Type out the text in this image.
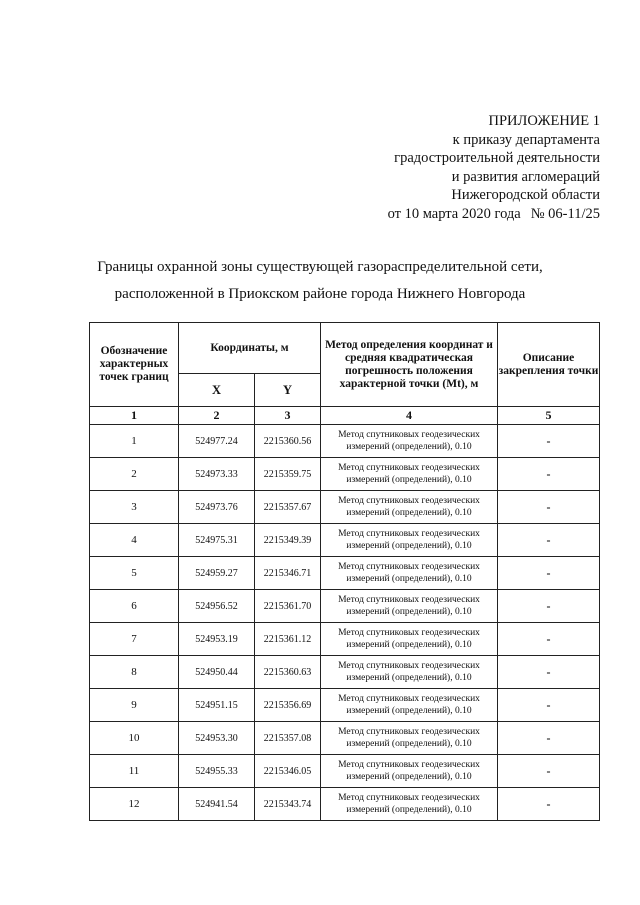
ПРИЛОЖЕНИЕ 1
к приказу департамента
градостроительной деятельности
и развития агломераций
Нижегородской области
от 10 марта 2020 года № 06-11/25
Границы охранной зоны существующей газораспределительной сети,
расположенной в Приокском районе города Нижнего Новгорода
Обозначение характерных точек границ	Координаты, м		Метод определения координат и средняя квадратическая погрешность положения характерной точки (Mt), м	Описание закрепления точки
	X	Y		
1	2	3	4	5
1	524977.24	2215360.56	Метод спутниковых геодезических измерений (определений), 0.10	-
2	524973.33	2215359.75	Метод спутниковых геодезических измерений (определений), 0.10	-
3	524973.76	2215357.67	Метод спутниковых геодезических измерений (определений), 0.10	-
4	524975.31	2215349.39	Метод спутниковых геодезических измерений (определений), 0.10	-
5	524959.27	2215346.71	Метод спутниковых геодезических измерений (определений), 0.10	-
6	524956.52	2215361.70	Метод спутниковых геодезических измерений (определений), 0.10	-
7	524953.19	2215361.12	Метод спутниковых геодезических измерений (определений), 0.10	-
8	524950.44	2215360.63	Метод спутниковых геодезических измерений (определений), 0.10	-
9	524951.15	2215356.69	Метод спутниковых геодезических измерений (определений), 0.10	-
10	524953.30	2215357.08	Метод спутниковых геодезических измерений (определений), 0.10	-
11	524955.33	2215346.05	Метод спутниковых геодезических измерений (определений), 0.10	-
12	524941.54	2215343.74	Метод спутниковых геодезических измерений (определений), 0.10	-
